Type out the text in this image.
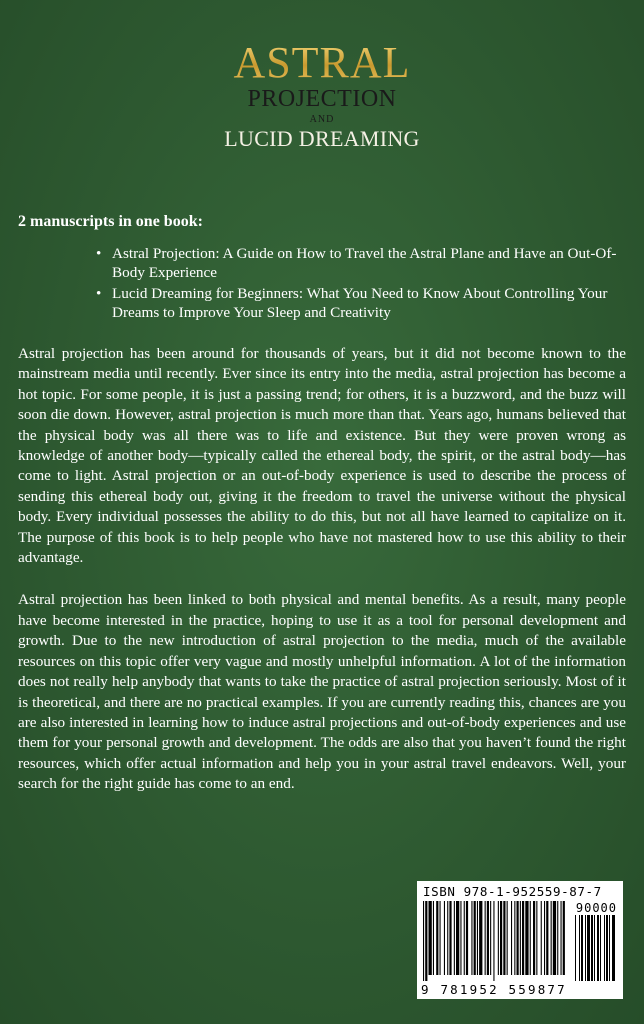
ASTRAL
PROJECTION
AND
LUCID DREAMING

2 manuscripts in one book:

• Astral Projection: A Guide on How to Travel the Astral Plane and Have an Out-Of-Body Experience
• Lucid Dreaming for Beginners: What You Need to Know About Controlling Your Dreams to Improve Your Sleep and Creativity

Astral projection has been around for thousands of years, but it did not become known to the mainstream media until recently. Ever since its entry into the media, astral projection has become a hot topic. For some people, it is just a passing trend; for others, it is a buzzword, and the buzz will soon die down. However, astral projection is much more than that. Years ago, humans believed that the physical body was all there was to life and existence. But they were proven wrong as knowledge of another body—typically called the ethereal body, the spirit, or the astral body—has come to light. Astral projection or an out-of-body experience is used to describe the process of sending this ethereal body out, giving it the freedom to travel the universe without the physical body. Every individual possesses the ability to do this, but not all have learned to capitalize on it. The purpose of this book is to help people who have not mastered how to use this ability to their advantage.

Astral projection has been linked to both physical and mental benefits. As a result, many people have become interested in the practice, hoping to use it as a tool for personal development and growth. Due to the new introduction of astral projection to the media, much of the available resources on this topic offer very vague and mostly unhelpful information. A lot of the information does not really help anybody that wants to take the practice of astral projection seriously. Most of it is theoretical, and there are no practical examples. If you are currently reading this, chances are you are also interested in learning how to induce astral projections and out-of-body experiences and use them for your personal growth and development. The odds are also that you haven’t found the right resources, which offer actual information and help you in your astral travel endeavors. Well, your search for the right guide has come to an end.

ISBN 978-1-952559-87-7
90000
9 781952 559877
